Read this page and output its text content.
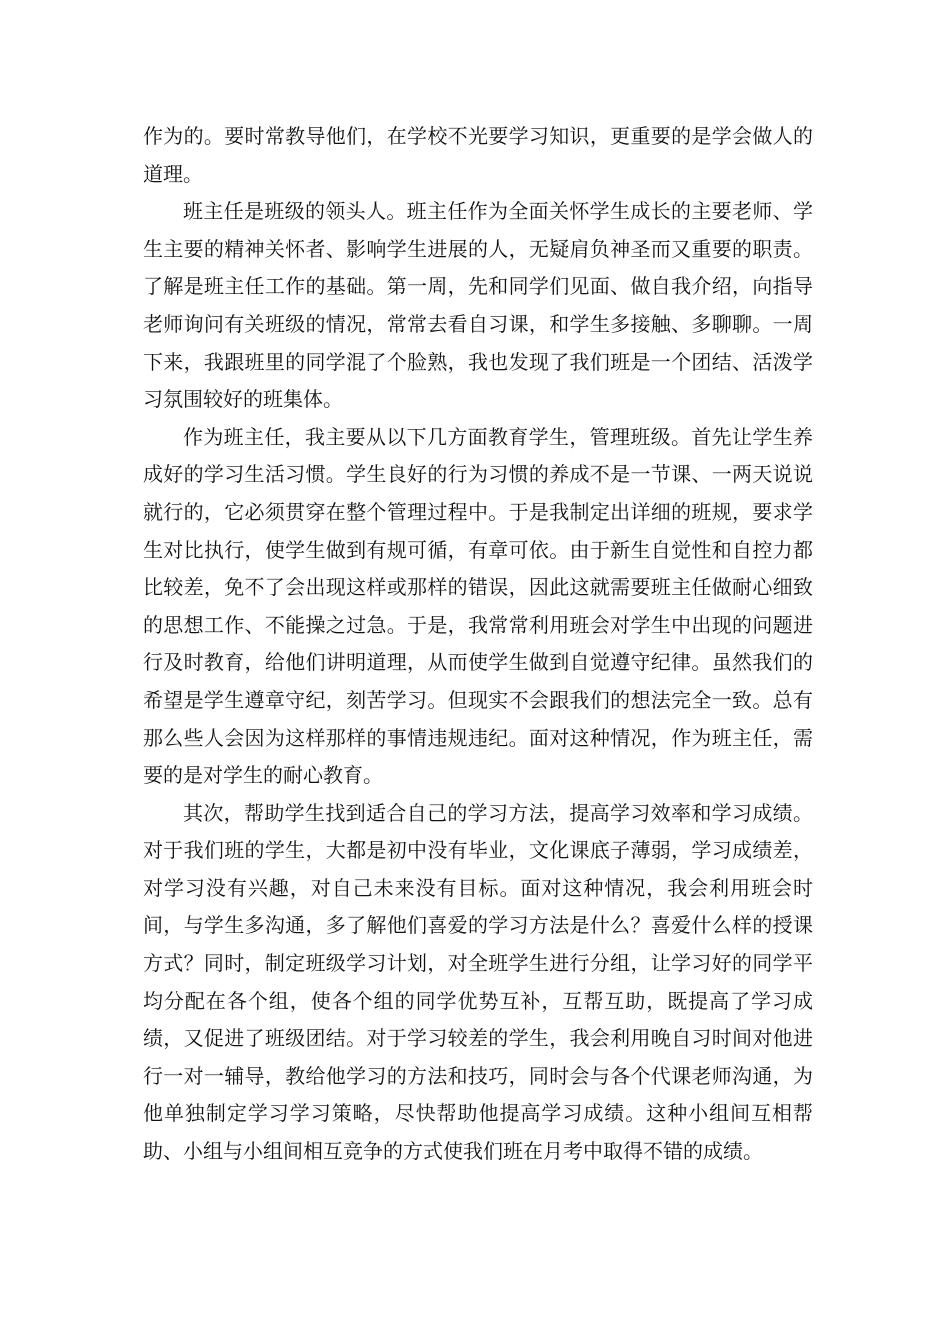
作为的。要时常教导他们，在学校不光要学习知识，更重要的是学会做人的道理。

班主任是班级的领头人。班主任作为全面关怀学生成长的主要老师、学生主要的精神关怀者、影响学生进展的人，无疑肩负神圣而又重要的职责。了解是班主任工作的基础。第一周，先和同学们见面、做自我介绍，向指导老师询问有关班级的情况，常常去看自习课，和学生多接触、多聊聊。一周下来，我跟班里的同学混了个脸熟，我也发现了我们班是一个团结、活泼学习氛围较好的班集体。

作为班主任，我主要从以下几方面教育学生，管理班级。首先让学生养成好的学习生活习惯。学生良好的行为习惯的养成不是一节课、一两天说说就行的，它必须贯穿在整个管理过程中。于是我制定出详细的班规，要求学生对比执行，使学生做到有规可循，有章可依。由于新生自觉性和自控力都比较差，免不了会出现这样或那样的错误，因此这就需要班主任做耐心细致的思想工作、不能操之过急。于是，我常常利用班会对学生中出现的问题进行及时教育，给他们讲明道理，从而使学生做到自觉遵守纪律。虽然我们的希望是学生遵章守纪，刻苦学习。但现实不会跟我们的想法完全一致。总有那么些人会因为这样那样的事情违规违纪。面对这种情况，作为班主任，需要的是对学生的耐心教育。

其次，帮助学生找到适合自己的学习方法，提高学习效率和学习成绩。对于我们班的学生，大都是初中没有毕业，文化课底子薄弱，学习成绩差，对学习没有兴趣，对自己未来没有目标。面对这种情况，我会利用班会时间，与学生多沟通，多了解他们喜爱的学习方法是什么？喜爱什么样的授课方式？同时，制定班级学习计划，对全班学生进行分组，让学习好的同学平均分配在各个组，使各个组的同学优势互补，互帮互助，既提高了学习成绩，又促进了班级团结。对于学习较差的学生，我会利用晚自习时间对他进行一对一辅导，教给他学习的方法和技巧，同时会与各个代课老师沟通，为他单独制定学习学习策略，尽快帮助他提高学习成绩。这种小组间互相帮助、小组与小组间相互竞争的方式使我们班在月考中取得不错的成绩。
